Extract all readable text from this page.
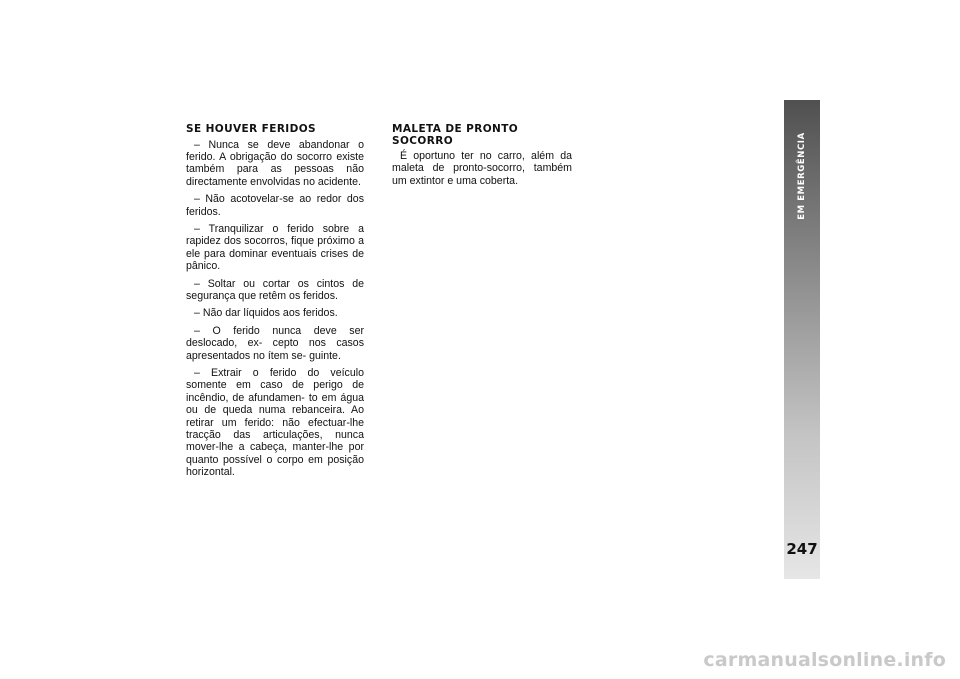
SE HOUVER FERIDOS

– Nunca se deve abandonar o ferido. A obrigação do socorro existe também para as pessoas não directamente envolvidas no acidente.

– Não acotovelar-se ao redor dos feridos.

– Tranquilizar o ferido sobre a rapidez dos socorros, fique próximo a ele para dominar eventuais crises de pânico.

– Soltar ou cortar os cintos de segurança que retêm os feridos.

– Não dar líquidos aos feridos.

– O ferido nunca deve ser deslocado, ex- cepto nos casos apresentados no ítem se- guinte.

– Extrair o ferido do veículo somente em caso de perigo de incêndio, de afundamen- to em água ou de queda numa rebanceira. Ao retirar um ferido: não efectuar-lhe tracção das articulações, nunca mover-lhe a cabeça, manter-lhe por quanto possível o corpo em posição horizontal.

MALETA DE PRONTO
SOCORRO

É oportuno ter no carro, além da maleta de pronto-socorro, também um extintor e uma coberta.	EM EMERGÊNCIA
247
carmanualsonline.info
